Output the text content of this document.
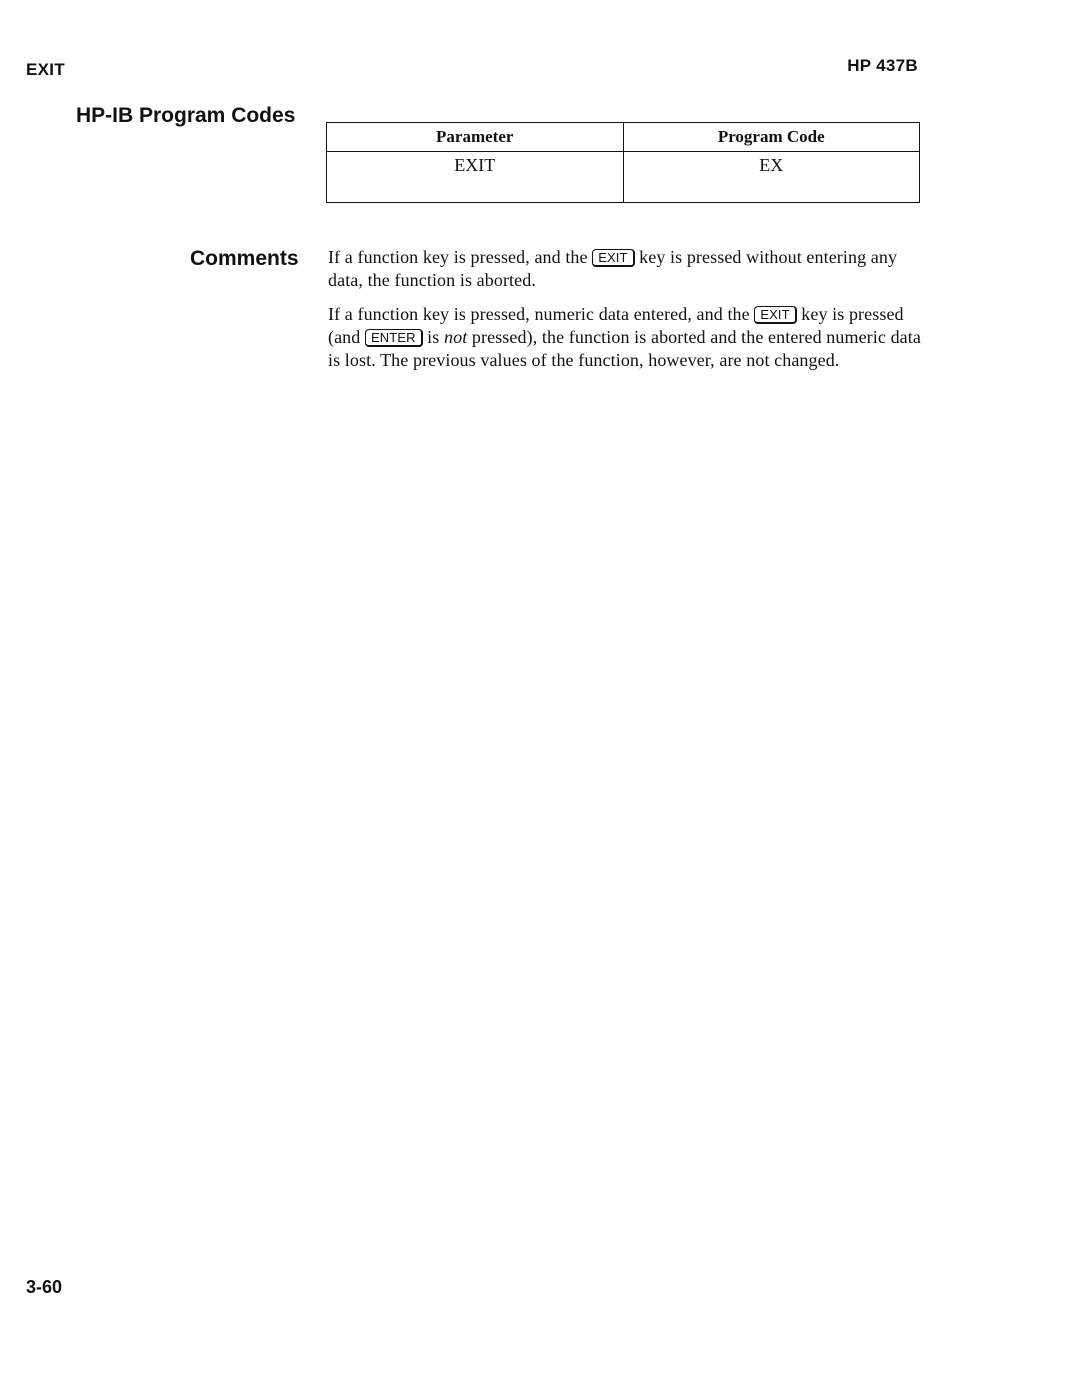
EXIT	HP 437B
HP-IB Program Codes
Parameter	Program Code
EXIT	EX
Comments If a function key is pressed, and the EXIT key is pressed without entering any data, the function is aborted.

If a function key is pressed, numeric data entered, and the EXIT key is pressed (and ENTER is not pressed), the function is aborted and the entered numeric data is lost. The previous values of the function, however, are not changed.

3-60
